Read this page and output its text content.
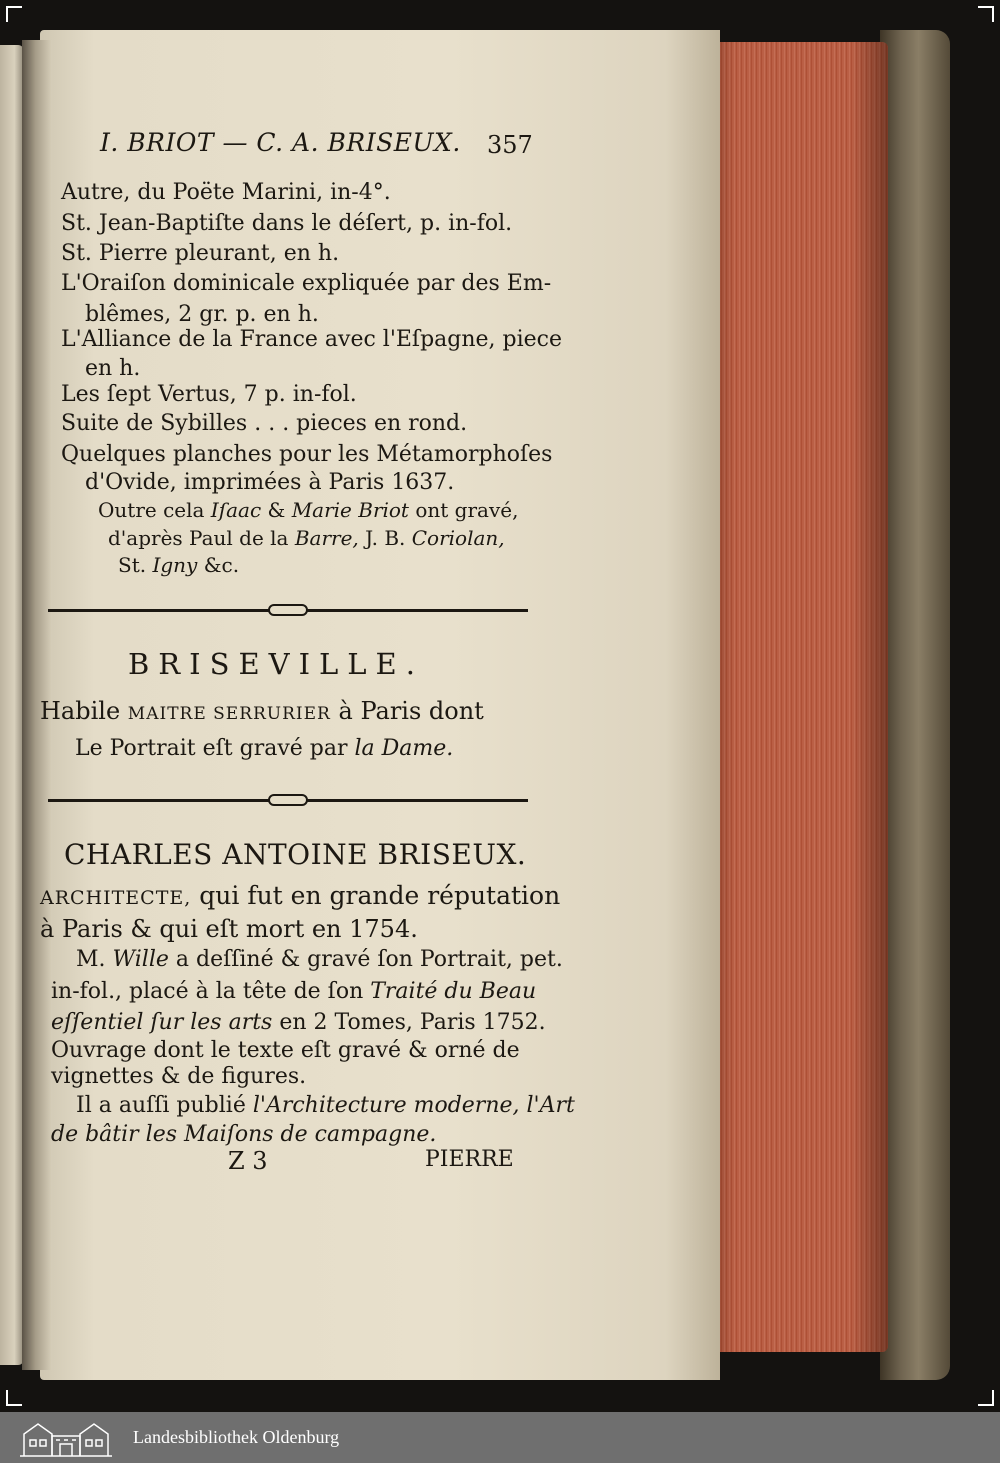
I. BRIOT — C. A. BRISEUX. 357
Autre, du Poëte Marini, in-4°.
St. Jean-Baptiſte dans le déſert, p. in-fol.
St. Pierre pleurant, en h.
L'Oraiſon dominicale expliquée par des Em-
blêmes, 2 gr. p. en h.
L'Alliance de la France avec l'Eſpagne, piece
en h.
Les ſept Vertus, 7 p. in-fol.
Suite de Sybilles . . . pieces en rond.
Quelques planches pour les Métamorphoſes
d'Ovide, imprimées à Paris 1637.
Outre cela Iſaac & Marie Briot ont gravé,
d'après Paul de la Barre, J. B. Coriolan,
St. Igny &c.
BRISEVILLE.
Habile MAITRE SERRURIER à Paris dont
Le Portrait eſt gravé par la Dame.
CHARLES ANTOINE BRISEUX.
ARCHITECTE, qui fut en grande réputation
à Paris & qui eſt mort en 1754.
M. Wille a deſſiné & gravé ſon Portrait, pet.
in-fol., placé à la tête de ſon Traité du Beau
eſſentiel ſur les arts en 2 Tomes, Paris 1752.
Ouvrage dont le texte eſt gravé & orné de
vignettes & de figures.
Il a auſſi publié l'Architecture moderne, l'Art
de bâtir les Maiſons de campagne.
Z 3	PIERRE
Landesbibliothek Oldenburg
